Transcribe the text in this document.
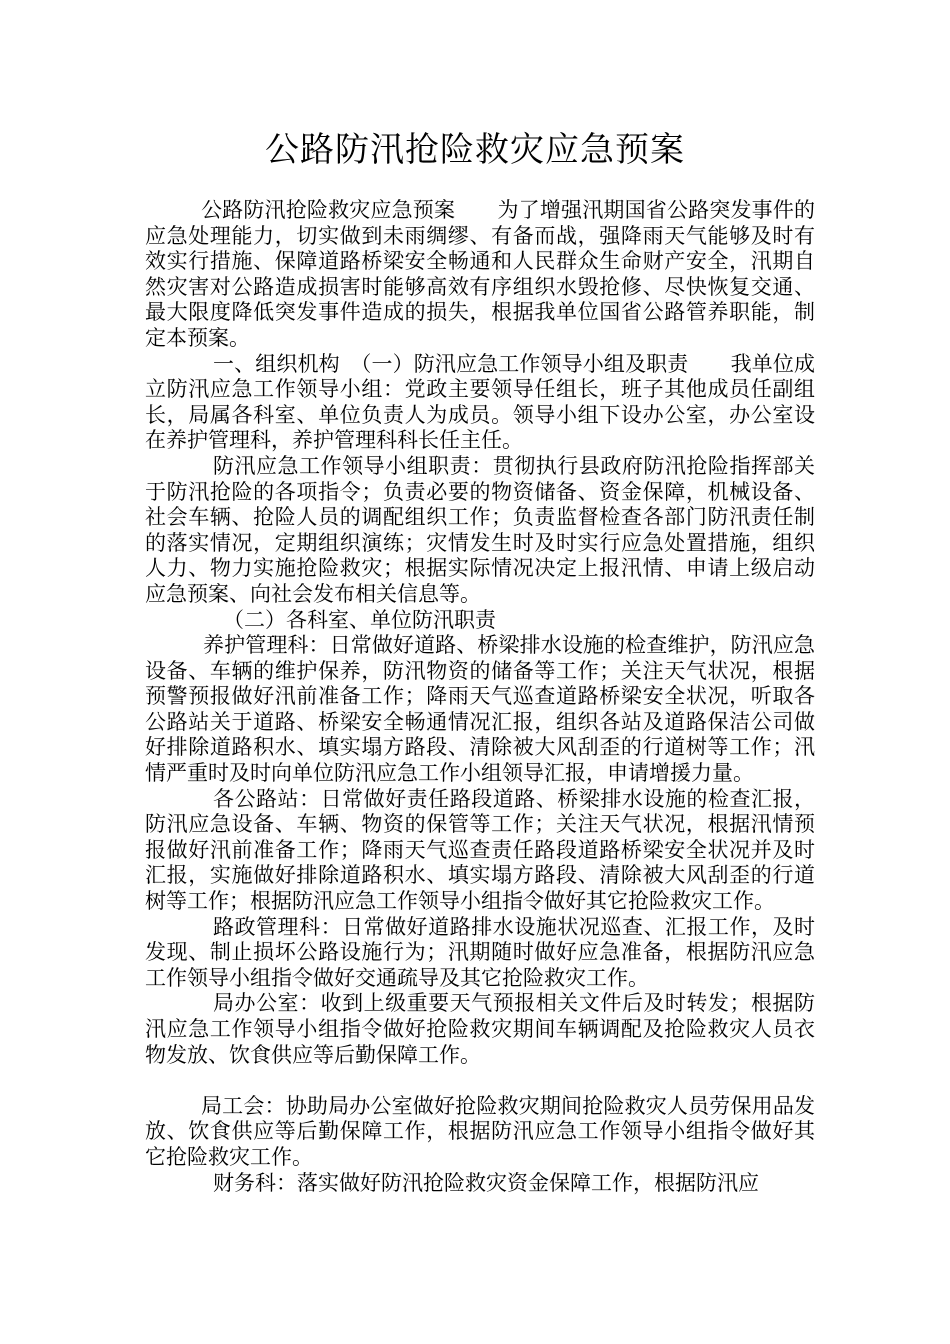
公路防汛抢险救灾应急预案

公路防汛抢险救灾应急预案　　为了增强汛期国省公路突发事件的应急处理能力，切实做到未雨绸缪、有备而战，强降雨天气能够及时有效实行措施、保障道路桥梁安全畅通和人民群众生命财产安全，汛期自然灾害对公路造成损害时能够高效有序组织水毁抢修、尽快恢复交通、最大限度降低突发事件造成的损失，根据我单位国省公路管养职能，制定本预案。

一、组织机构　（一）防汛应急工作领导小组及职责　　我单位成立防汛应急工作领导小组：党政主要领导任组长，班子其他成员任副组长，局属各科室、单位负责人为成员。领导小组下设办公室，办公室设在养护管理科，养护管理科科长任主任。

防汛应急工作领导小组职责：贯彻执行县政府防汛抢险指挥部关于防汛抢险的各项指令；负责必要的物资储备、资金保障，机械设备、社会车辆、抢险人员的调配组织工作；负责监督检查各部门防汛责任制的落实情况，定期组织演练；灾情发生时及时实行应急处置措施，组织人力、物力实施抢险救灾；根据实际情况决定上报汛情、申请上级启动应急预案、向社会发布相关信息等。

（二）各科室、单位防汛职责

养护管理科：日常做好道路、桥梁排水设施的检查维护，防汛应急设备、车辆的维护保养，防汛物资的储备等工作；关注天气状况，根据预警预报做好汛前准备工作；降雨天气巡查道路桥梁安全状况，听取各公路站关于道路、桥梁安全畅通情况汇报，组织各站及道路保洁公司做好排除道路积水、填实塌方路段、清除被大风刮歪的行道树等工作；汛情严重时及时向单位防汛应急工作小组领导汇报，申请增援力量。

各公路站：日常做好责任路段道路、桥梁排水设施的检查汇报，防汛应急设备、车辆、物资的保管等工作；关注天气状况，根据汛情预报做好汛前准备工作；降雨天气巡查责任路段道路桥梁安全状况并及时汇报，实施做好排除道路积水、填实塌方路段、清除被大风刮歪的行道树等工作；根据防汛应急工作领导小组指令做好其它抢险救灾工作。

路政管理科：日常做好道路排水设施状况巡查、汇报工作，及时发现、制止损坏公路设施行为；汛期随时做好应急准备，根据防汛应急工作领导小组指令做好交通疏导及其它抢险救灾工作。

局办公室：收到上级重要天气预报相关文件后及时转发；根据防汛应急工作领导小组指令做好抢险救灾期间车辆调配及抢险救灾人员衣物发放、饮食供应等后勤保障工作。

局工会：协助局办公室做好抢险救灾期间抢险救灾人员劳保用品发放、饮食供应等后勤保障工作，根据防汛应急工作领导小组指令做好其它抢险救灾工作。

财务科：落实做好防汛抢险救灾资金保障工作，根据防汛应
